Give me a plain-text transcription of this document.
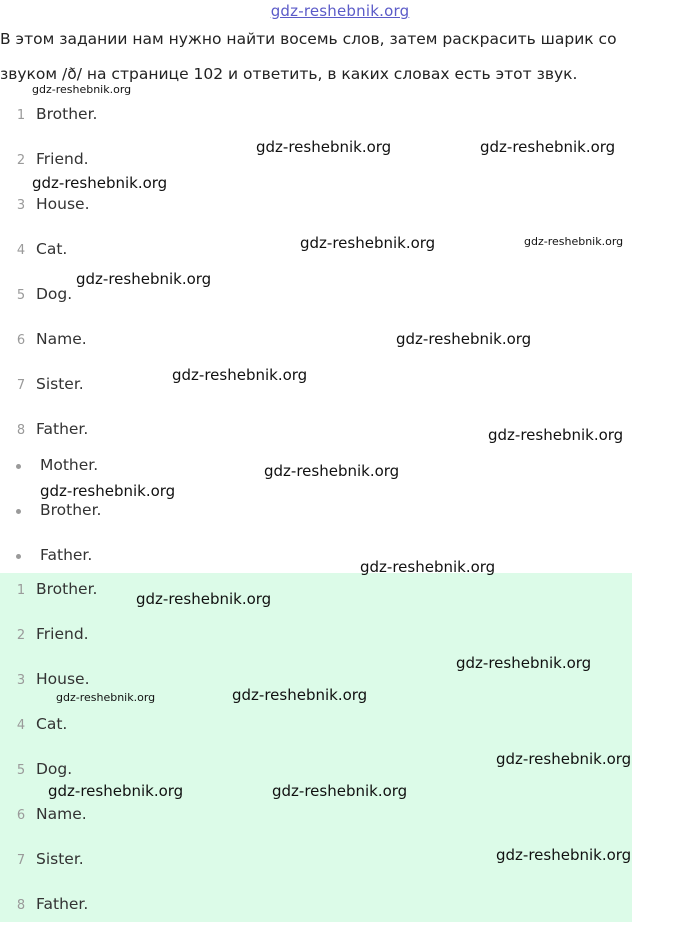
gdz-reshebnik.org

В этом задании нам нужно найти восемь слов, затем раскрасить шарик со звуком /ð/ на странице 102 и ответить, в каких словах есть этот звук.

1 Brother.
2 Friend.
3 House.
4 Cat.
5 Dog.
6 Name.
7 Sister.
8 Father.
Mother.
Brother.
Father.
1 Brother.
2 Friend.
3 House.
4 Cat.
5 Dog.
6 Name.
7 Sister.
8 Father.
gdz-reshebnik.org
gdz-reshebnik.org	gdz-reshebnik.org
gdz-reshebnik.org
gdz-reshebnik.org	gdz-reshebnik.org
gdz-reshebnik.org
gdz-reshebnik.org
gdz-reshebnik.org
gdz-reshebnik.org
gdz-reshebnik.org
gdz-reshebnik.org
gdz-reshebnik.org
gdz-reshebnik.org
gdz-reshebnik.org
gdz-reshebnik.org	gdz-reshebnik.org
gdz-reshebnik.org
gdz-reshebnik.org	gdz-reshebnik.org
gdz-reshebnik.org
